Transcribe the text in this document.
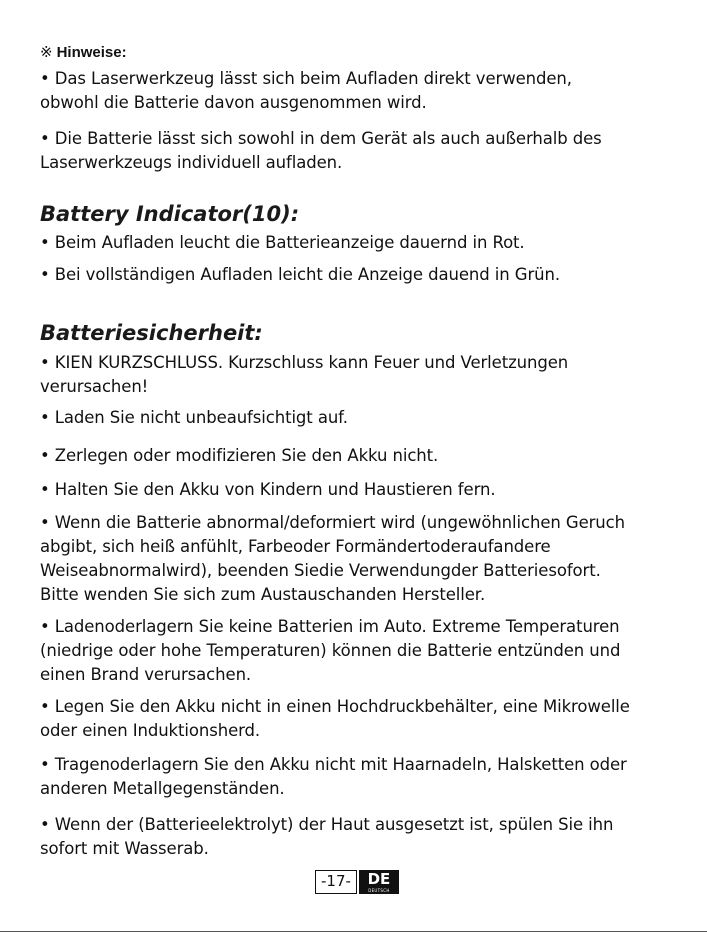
※ Hinweise:
• Das Laserwerkzeug lässt sich beim Aufladen direkt verwenden,
obwohl die Batterie davon ausgenommen wird.
• Die Batterie lässt sich sowohl in dem Gerät als auch außerhalb des
Laserwerkzeugs individuell aufladen.
Battery Indicator(10):
• Beim Aufladen leucht die Batterieanzeige dauernd in Rot.
• Bei vollständigen Aufladen leicht die Anzeige dauend in Grün.
Batteriesicherheit:
• KIEN KURZSCHLUSS. Kurzschluss kann Feuer und Verletzungen
verursachen!
• Laden Sie nicht unbeaufsichtigt auf.
• Zerlegen oder modifizieren Sie den Akku nicht.
• Halten Sie den Akku von Kindern und Haustieren fern.
• Wenn die Batterie abnormal/deformiert wird (ungewöhnlichen Geruch
abgibt, sich heiß anfühlt, Farbeoder Formändertoderaufandere
Weiseabnormalwird), beenden Siedie Verwendungder Batteriesofort.
Bitte wenden Sie sich zum Austauschanden Hersteller.
• Ladenoderlagern Sie keine Batterien im Auto. Extreme Temperaturen
(niedrige oder hohe Temperaturen) können die Batterie entzünden und
einen Brand verursachen.
• Legen Sie den Akku nicht in einen Hochdruckbehälter, eine Mikrowelle
oder einen Induktionsherd.
• Tragenoderlagern Sie den Akku nicht mit Haarnadeln, Halsketten oder
anderen Metallgegenständen.
• Wenn der (Batterieelektrolyt) der Haut ausgesetzt ist, spülen Sie ihn
sofort mit Wasserab.
-17-	DE
DEUTSCH
